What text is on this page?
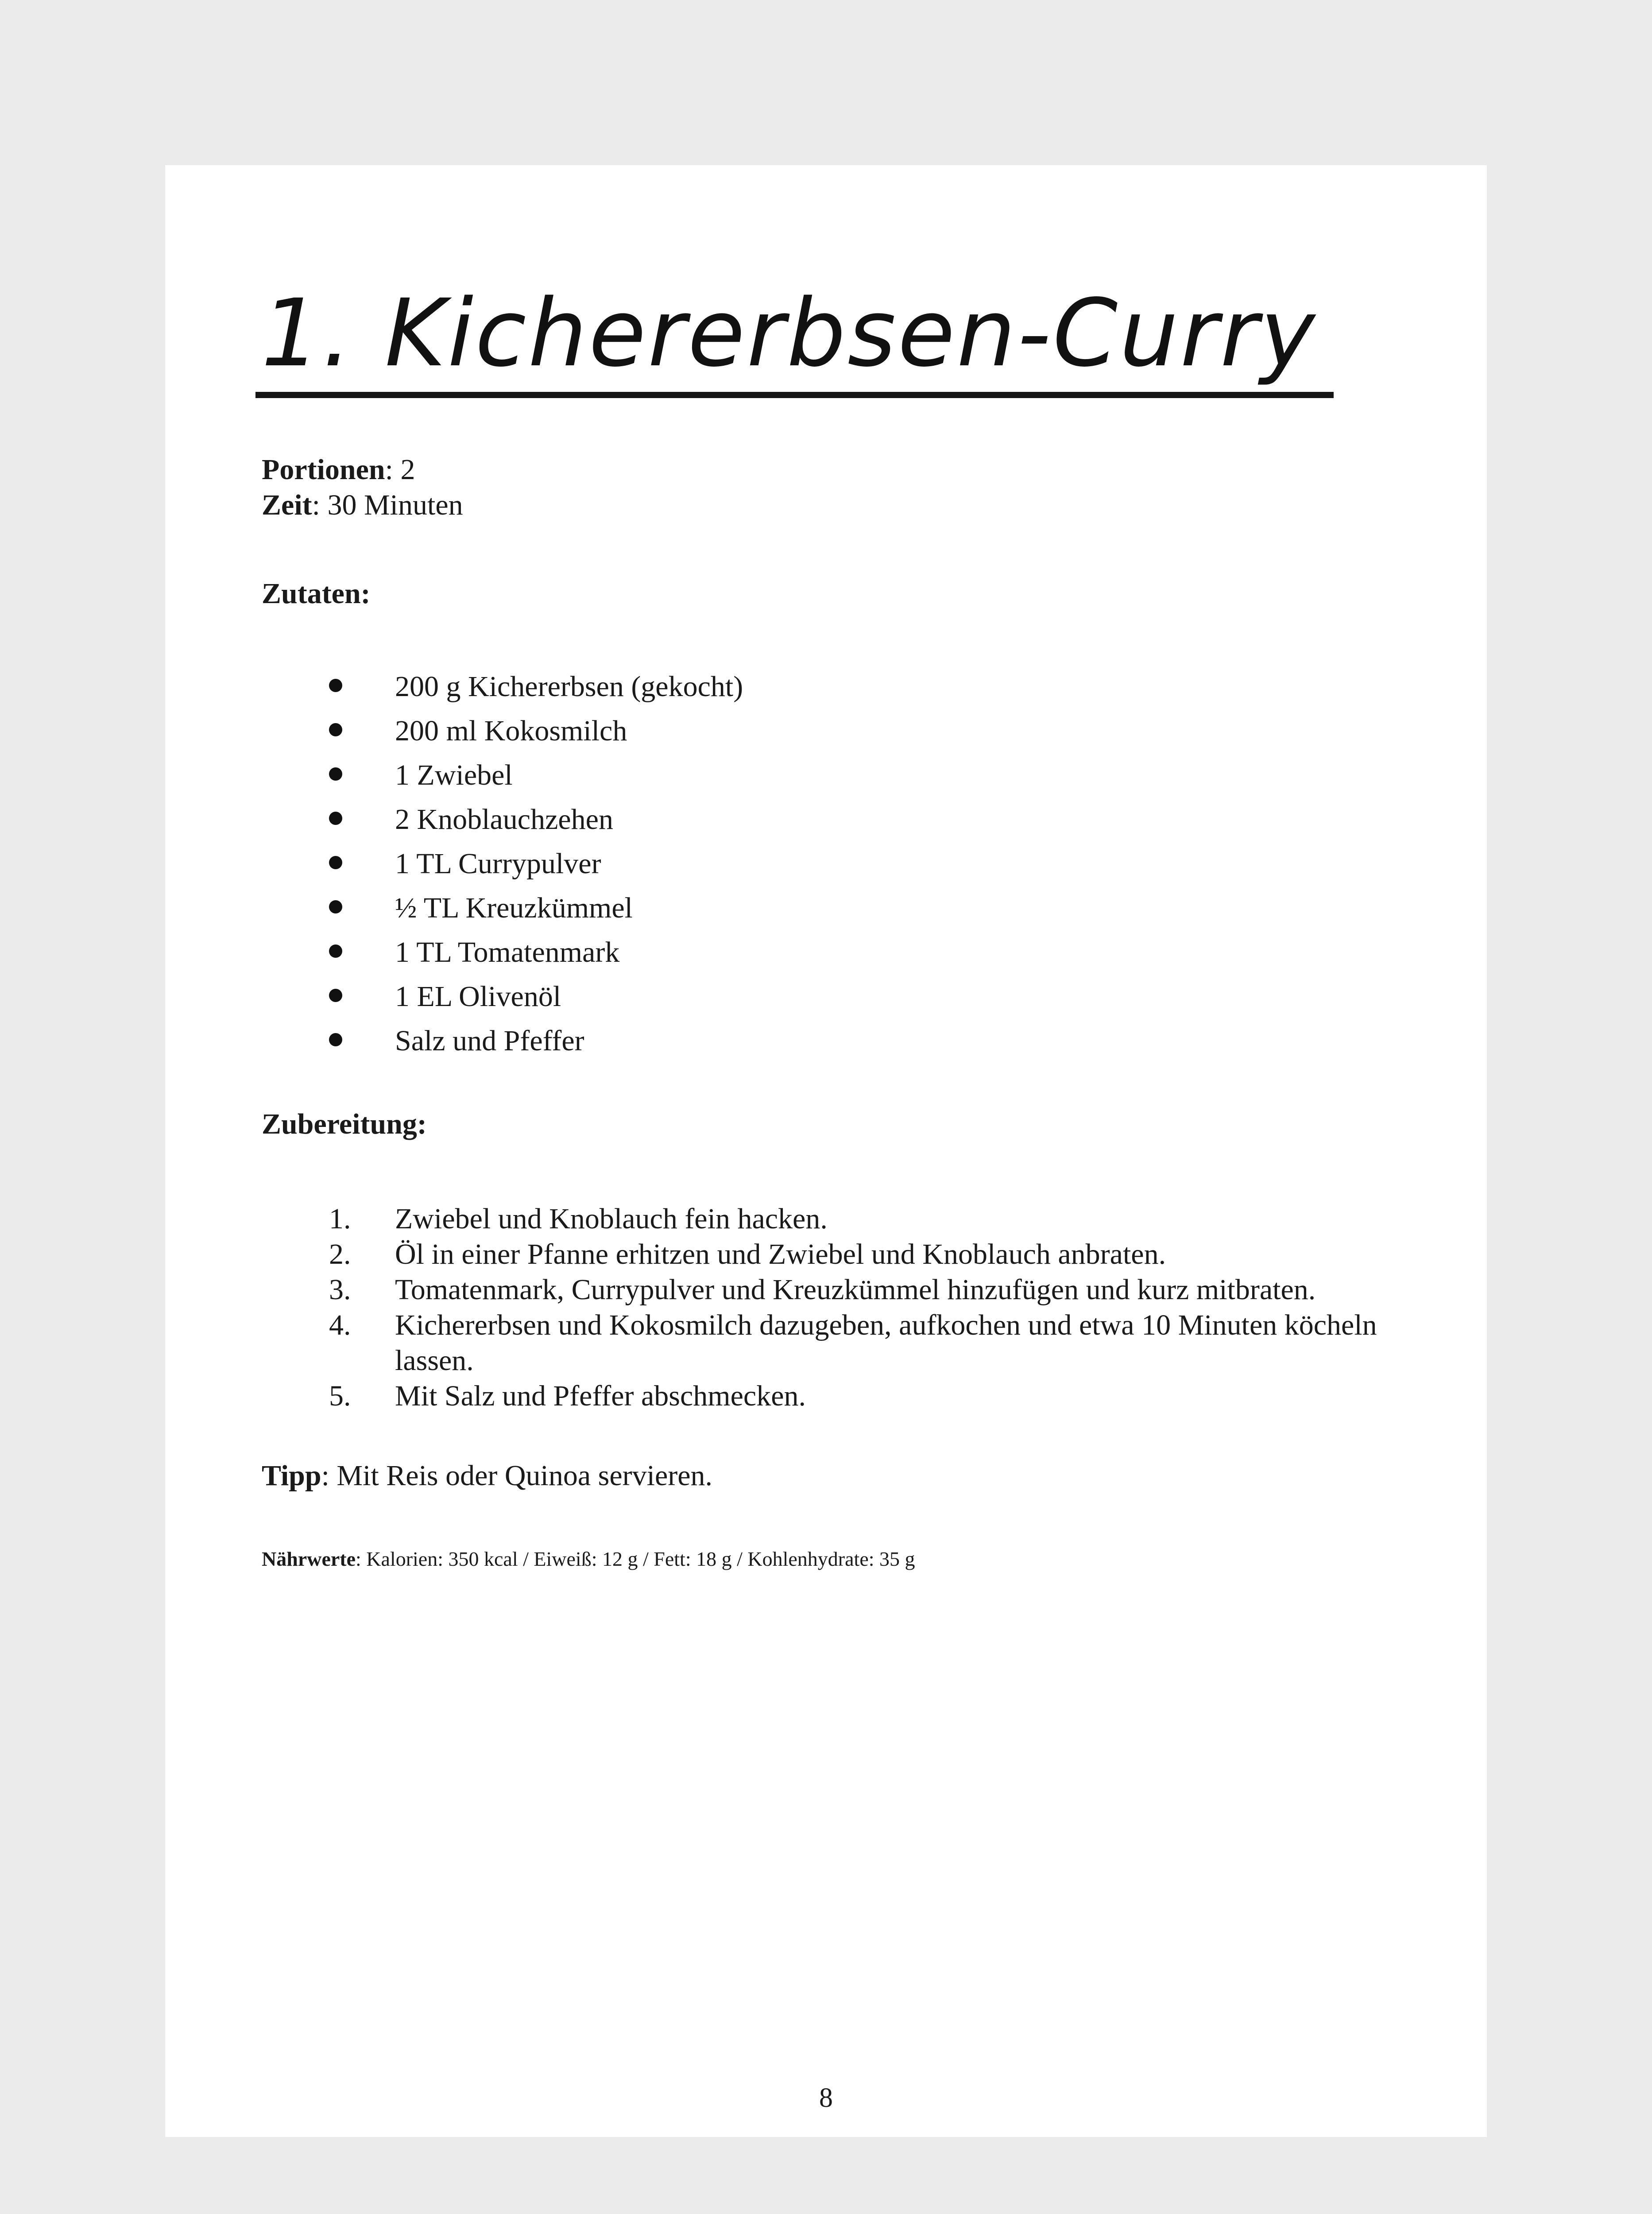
1. Kichererbsen-Curry
Portionen: 2
Zeit: 30 Minuten
Zutaten:
200 g Kichererbsen (gekocht)
200 ml Kokosmilch
1 Zwiebel
2 Knoblauchzehen
1 TL Currypulver
½ TL Kreuzkümmel
1 TL Tomatenmark
1 EL Olivenöl
Salz und Pfeffer
Zubereitung:
1. Zwiebel und Knoblauch fein hacken.
2. Öl in einer Pfanne erhitzen und Zwiebel und Knoblauch anbraten.
3. Tomatenmark, Currypulver und Kreuzkümmel hinzufügen und kurz mitbraten.
4. Kichererbsen und Kokosmilch dazugeben, aufkochen und etwa 10 Minuten köcheln lassen.
5. Mit Salz und Pfeffer abschmecken.
Tipp: Mit Reis oder Quinoa servieren.
Nährwerte: Kalorien: 350 kcal / Eiweiß: 12 g / Fett: 18 g / Kohlenhydrate: 35 g
8
